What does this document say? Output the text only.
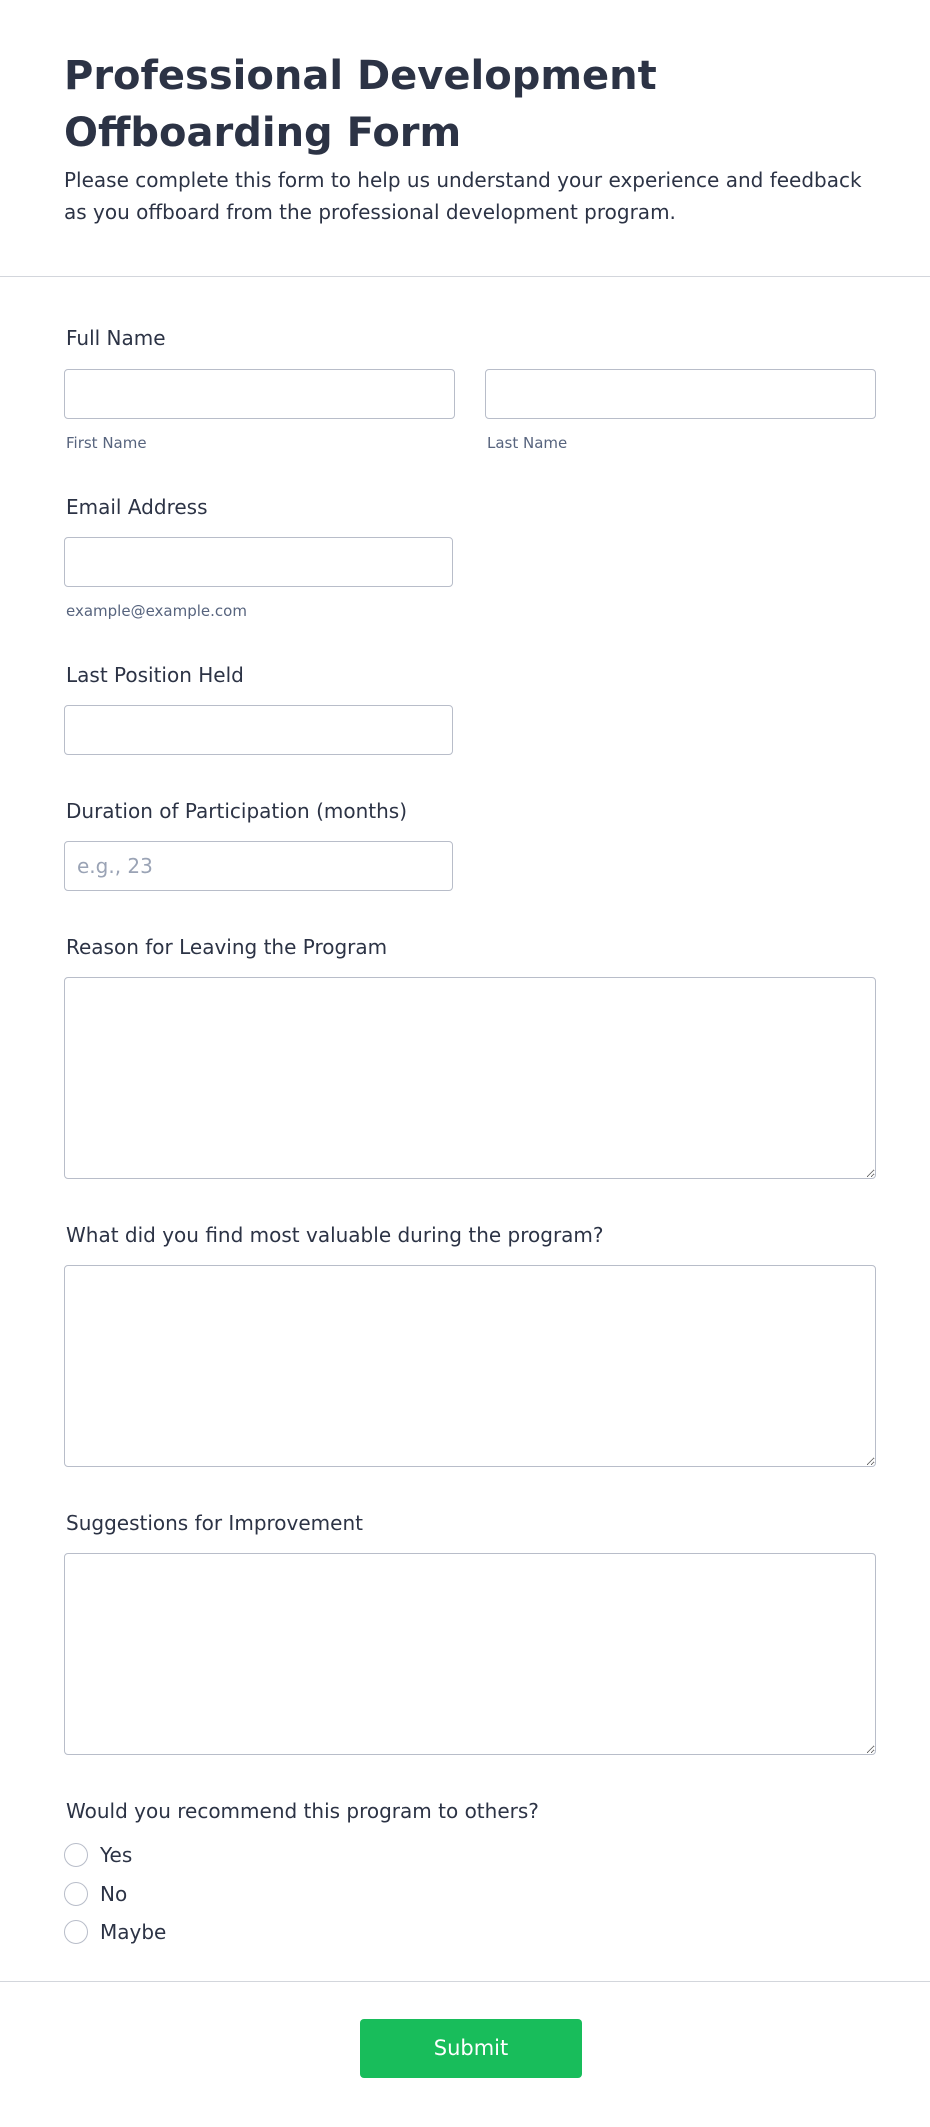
Professional Development Offboarding Form

Please complete this form to help us understand your experience and feedback as you offboard from the professional development program.

Full Name
First Name	Last Name
Email Address
example@example.com
Last Position Held
Duration of Participation (months)
e.g., 23
Reason for Leaving the Program
What did you find most valuable during the program?
Suggestions for Improvement
Would you recommend this program to others?
Yes
No
Maybe
Submit
